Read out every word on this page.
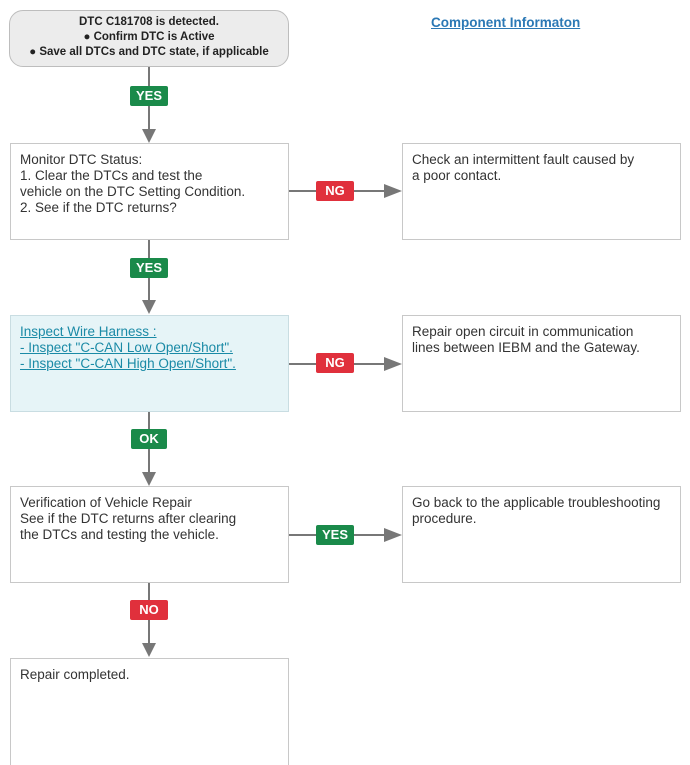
DTC C181708 is detected.
● Confirm DTC is Active
● Save all DTCs and DTC state, if applicable
Component Informaton
YES
Monitor DTC Status:
1. Clear the DTCs and test the
vehicle on the DTC Setting Condition.
2. See if the DTC returns?
NG
Check an intermittent fault caused by
a poor contact.
YES
Inspect Wire Harness :
- Inspect "C-CAN Low Open/Short".
- Inspect "C-CAN High Open/Short".	NG
Repair open circuit in communication
lines between IEBM and the Gateway.
OK
Verification of Vehicle Repair
See if the DTC returns after clearing
the DTCs and testing the vehicle.	YES
Go back to the applicable troubleshooting
procedure.
NO
Repair completed.
